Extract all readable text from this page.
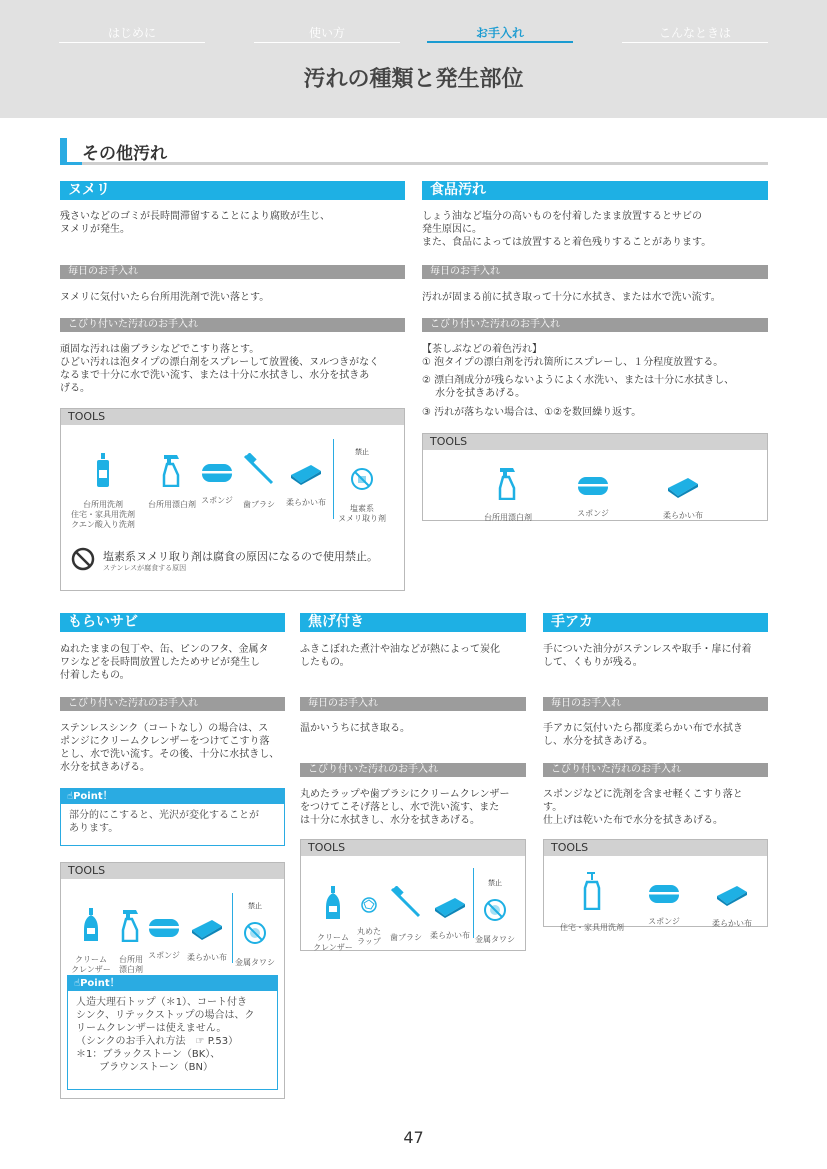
はじめに	使い方	お手入れ	こんなときは
汚れの種類と発生部位
その他汚れ
ヌメリ
残さいなどのゴミが長時間滞留することにより腐敗が生じ、
ヌメリが発生。
毎日のお手入れ
ヌメリに気付いたら台所用洗剤で洗い落とす。
こびり付いた汚れのお手入れ
頑固な汚れは歯ブラシなどでこすり落とす。
ひどい汚れは泡タイプの漂白剤をスプレーして放置後、ヌルつきがなく
なるまで十分に水で洗い流す、または十分に水拭きし、水分を拭きあ
げる。
TOOLS

台所用洗剤
住宅・家具用洗剤
クエン酸入り洗剤

台所用漂白剤 スポンジ	歯ブラシ	柔らかい布

禁止

塩素系
ヌメリ取り剤

塩素系ヌメリ取り剤は腐食の原因になるので使用禁止。
ステンレスが腐食する原因
食品汚れ
しょう油など塩分の高いものを付着したまま放置するとサビの
発生原因に。
また、食品によっては放置すると着色残りすることがあります。
毎日のお手入れ
汚れが固まる前に拭き取って十分に水拭き、または水で洗い流す。
こびり付いた汚れのお手入れ
【茶しぶなどの着色汚れ】
① 泡タイプの漂白剤を汚れ箇所にスプレーし、１分程度放置する。
② 漂白剤成分が残らないようによく水洗い、または十分に水拭きし、
　 水分を拭きあげる。
③ 汚れが落ちない場合は、①②を数回繰り返す。
TOOLS

台所用漂白剤	スポンジ	柔らかい布

もらいサビ
ぬれたままの包丁や、缶、ピンのフタ、金属タ
ワシなどを長時間放置したためサビが発生し
付着したもの。
こびり付いた汚れのお手入れ
ステンレスシンク（コートなし）の場合は、ス
ポンジにクリームクレンザーをつけてこすり落
とし、水で洗い流す。その後、十分に水拭きし、
水分を拭きあげる。
☝Point！
部分的にこすると、光沢が変化することが
あります。
TOOLS

クリーム
クレンザー

台所用
漂白剤

スポンジ 柔らかい布

禁止

金属タワシ

☝Point！
人造大理石トップ（＊1）、コート付き
シンク、リテックストップの場合は、ク
リームクレンザーは使えません。
（シンクのお手入れ方法　☞ P.53）
＊1：ブラックストーン（BK）、
　　 ブラウンストーン（BN）
焦げ付き
ふきこぼれた煮汁や油などが熱によって炭化
したもの。
毎日のお手入れ
温かいうちに拭き取る。
こびり付いた汚れのお手入れ
丸めたラップや歯ブラシにクリームクレンザー
をつけてこそげ落とし、水で洗い流す、また
は十分に水拭きし、水分を拭きあげる。
TOOLS

クリーム
クレンザー

丸めた
ラップ	歯ブラシ	柔らかい布

禁止

金属タワシ

手アカ
手についた油分がステンレスや取手・扉に付着
して、くもりが残る。
毎日のお手入れ
手アカに気付いたら都度柔らかい布で水拭き
し、水分を拭きあげる。
こびり付いた汚れのお手入れ
スポンジなどに洗剤を含ませ軽くこすり落と
す。
仕上げは乾いた布で水分を拭きあげる。
TOOLS

住宅・家具用洗剤

スポンジ	柔らかい布

47
